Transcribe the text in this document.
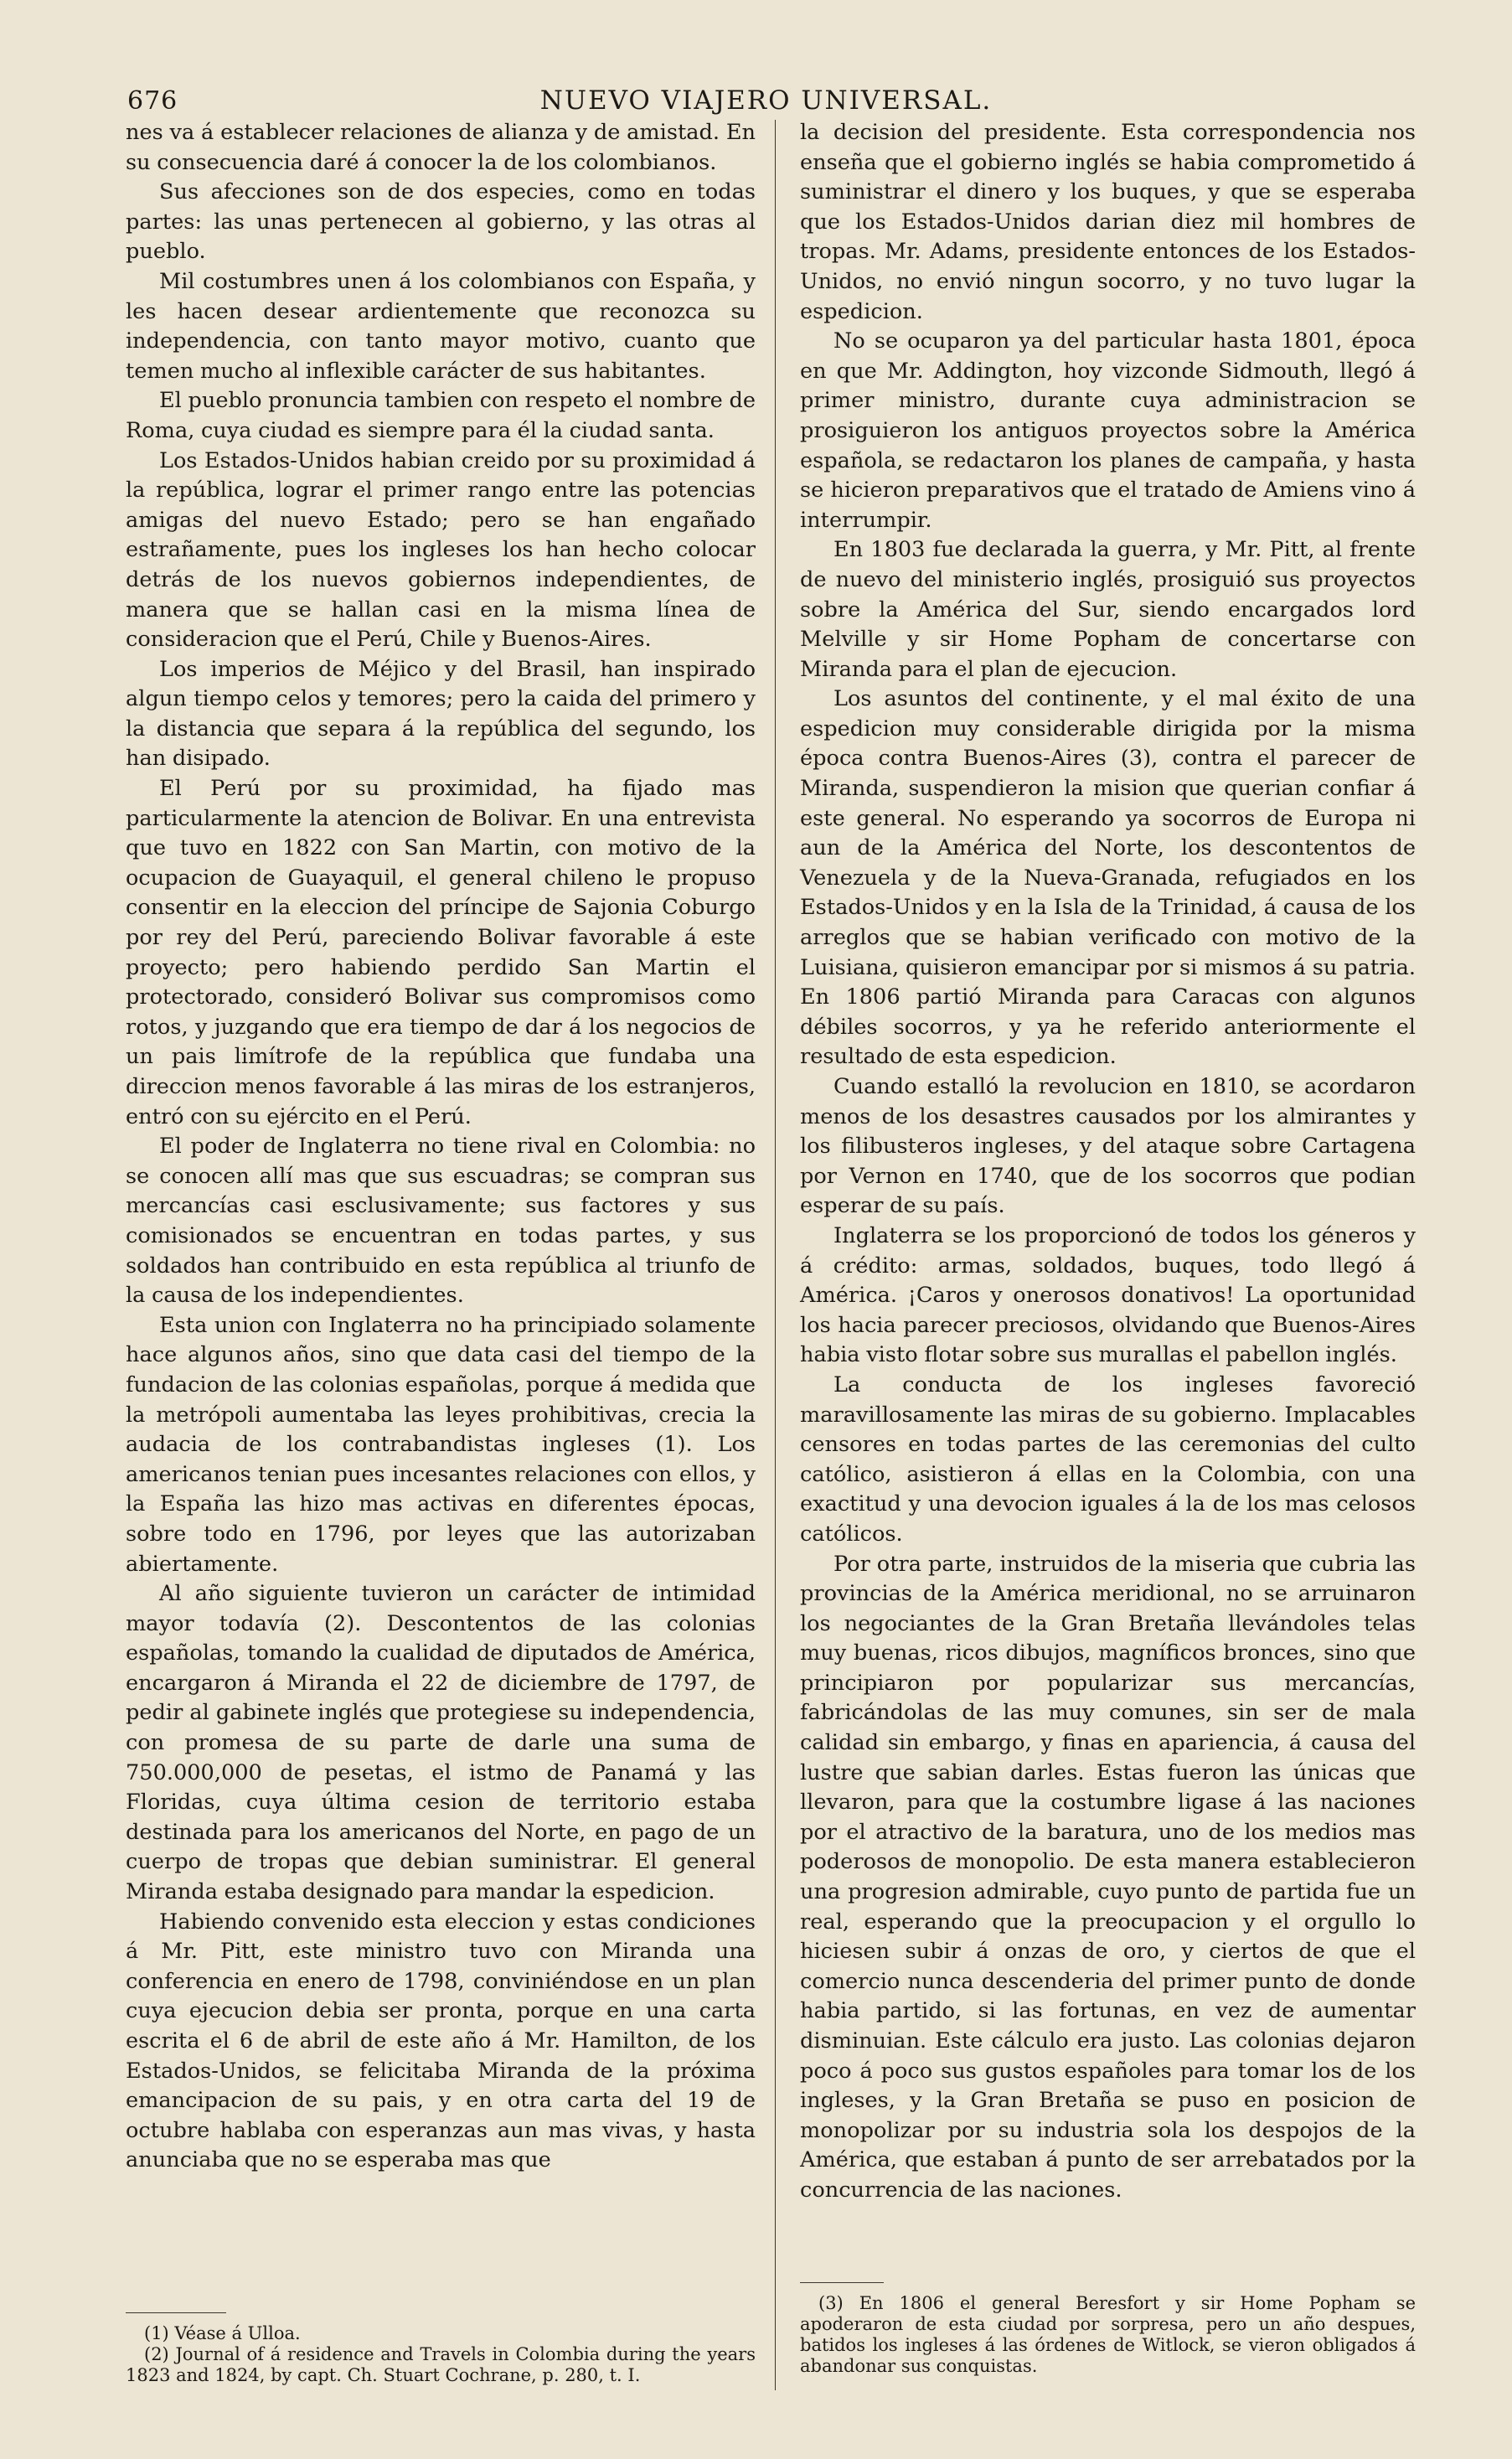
676	NUEVO VIAJERO UNIVERSAL.

nes va á establecer relaciones de alianza y de amistad. En su consecuencia daré á conocer la de los colombianos.

Sus afecciones son de dos especies, como en todas partes: las unas pertenecen al gobierno, y las otras al pueblo.

Mil costumbres unen á los colombianos con España, y les hacen desear ardientemente que reconozca su independencia, con tanto mayor motivo, cuanto que temen mucho al inflexible carácter de sus habitantes.

El pueblo pronuncia tambien con respeto el nombre de Roma, cuya ciudad es siempre para él la ciudad santa.

Los Estados-Unidos habian creido por su proximidad á la república, lograr el primer rango entre las potencias amigas del nuevo Estado; pero se han engañado estrañamente, pues los ingleses los han hecho colocar detrás de los nuevos gobiernos independientes, de manera que se hallan casi en la misma línea de consideracion que el Perú, Chile y Buenos-Aires.

Los imperios de Méjico y del Brasil, han inspirado algun tiempo celos y temores; pero la caida del primero y la distancia que separa á la república del segundo, los han disipado.

El Perú por su proximidad, ha fijado mas particularmente la atencion de Bolivar. En una entrevista que tuvo en 1822 con San Martin, con motivo de la ocupacion de Guayaquil, el general chileno le propuso consentir en la eleccion del príncipe de Sajonia Coburgo por rey del Perú, pareciendo Bolivar favorable á este proyecto; pero habiendo perdido San Martin el protectorado, consideró Bolivar sus compromisos como rotos, y juzgando que era tiempo de dar á los negocios de un pais limítrofe de la república que fundaba una direccion menos favorable á las miras de los estranjeros, entró con su ejército en el Perú.

El poder de Inglaterra no tiene rival en Colombia: no se conocen allí mas que sus escuadras; se compran sus mercancías casi esclusivamente; sus factores y sus comisionados se encuentran en todas partes, y sus soldados han contribuido en esta república al triunfo de la causa de los independientes.

Esta union con Inglaterra no ha principiado solamente hace algunos años, sino que data casi del tiempo de la fundacion de las colonias españolas, porque á medida que la metrópoli aumentaba las leyes prohibitivas, crecia la audacia de los contrabandistas ingleses (1). Los americanos tenian pues incesantes relaciones con ellos, y la España las hizo mas activas en diferentes épocas, sobre todo en 1796, por leyes que las autorizaban abiertamente.

Al año siguiente tuvieron un carácter de intimidad mayor todavía (2). Descontentos de las colonias españolas, tomando la cualidad de diputados de América, encargaron á Miranda el 22 de diciembre de 1797, de pedir al gabinete inglés que protegiese su independencia, con promesa de su parte de darle una suma de 750.000,000 de pesetas, el istmo de Panamá y las Floridas, cuya última cesion de territorio estaba destinada para los americanos del Norte, en pago de un cuerpo de tropas que debian suministrar. El general Miranda estaba designado para mandar la espedicion.

Habiendo convenido esta eleccion y estas condiciones á Mr. Pitt, este ministro tuvo con Miranda una conferencia en enero de 1798, conviniéndose en un plan cuya ejecucion debia ser pronta, porque en una carta escrita el 6 de abril de este año á Mr. Hamilton, de los Estados-Unidos, se felicitaba Miranda de la próxima emancipacion de su pais, y en otra carta del 19 de octubre hablaba con esperanzas aun mas vivas, y hasta anunciaba que no se esperaba mas que

la decision del presidente. Esta correspondencia nos enseña que el gobierno inglés se habia comprometido á suministrar el dinero y los buques, y que se esperaba que los Estados-Unidos darian diez mil hombres de tropas. Mr. Adams, presidente entonces de los Estados-Unidos, no envió ningun socorro, y no tuvo lugar la espedicion.

No se ocuparon ya del particular hasta 1801, época en que Mr. Addington, hoy vizconde Sidmouth, llegó á primer ministro, durante cuya administracion se prosiguieron los antiguos proyectos sobre la América española, se redactaron los planes de campaña, y hasta se hicieron preparativos que el tratado de Amiens vino á interrumpir.

En 1803 fue declarada la guerra, y Mr. Pitt, al frente de nuevo del ministerio inglés, prosiguió sus proyectos sobre la América del Sur, siendo encargados lord Melville y sir Home Popham de concertarse con Miranda para el plan de ejecucion.

Los asuntos del continente, y el mal éxito de una espedicion muy considerable dirigida por la misma época contra Buenos-Aires (3), contra el parecer de Miranda, suspendieron la mision que querian confiar á este general. No esperando ya socorros de Europa ni aun de la América del Norte, los descontentos de Venezuela y de la Nueva-Granada, refugiados en los Estados-Unidos y en la Isla de la Trinidad, á causa de los arreglos que se habian verificado con motivo de la Luisiana, quisieron emancipar por si mismos á su patria. En 1806 partió Miranda para Caracas con algunos débiles socorros, y ya he referido anteriormente el resultado de esta espedicion.

Cuando estalló la revolucion en 1810, se acordaron menos de los desastres causados por los almirantes y los filibusteros ingleses, y del ataque sobre Cartagena por Vernon en 1740, que de los socorros que podian esperar de su país.

Inglaterra se los proporcionó de todos los géneros y á crédito: armas, soldados, buques, todo llegó á América. ¡Caros y onerosos donativos! La oportunidad los hacia parecer preciosos, olvidando que Buenos-Aires habia visto flotar sobre sus murallas el pabellon inglés.

La conducta de los ingleses favoreció maravillosamente las miras de su gobierno. Implacables censores en todas partes de las ceremonias del culto católico, asistieron á ellas en la Colombia, con una exactitud y una devocion iguales á la de los mas celosos católicos.

Por otra parte, instruidos de la miseria que cubria las provincias de la América meridional, no se arruinaron los negociantes de la Gran Bretaña llevándoles telas muy buenas, ricos dibujos, magníficos bronces, sino que principiaron por popularizar sus mercancías, fabricándolas de las muy comunes, sin ser de mala calidad sin embargo, y finas en apariencia, á causa del lustre que sabian darles. Estas fueron las únicas que llevaron, para que la costumbre ligase á las naciones por el atractivo de la baratura, uno de los medios mas poderosos de monopolio. De esta manera establecieron una progresion admirable, cuyo punto de partida fue un real, esperando que la preocupacion y el orgullo lo hiciesen subir á onzas de oro, y ciertos de que el comercio nunca descenderia del primer punto de donde habia partido, si las fortunas, en vez de aumentar disminuian. Este cálculo era justo. Las colonias dejaron poco á poco sus gustos españoles para tomar los de los ingleses, y la Gran Bretaña se puso en posicion de monopolizar por su industria sola los despojos de la América, que estaban á punto de ser arrebatados por la concurrencia de las naciones.

(1) Véase á Ulloa.

(2) Journal of á residence and Travels in Colombia during the years 1823 and 1824, by capt. Ch. Stuart Cochrane, p. 280, t. I.

(3) En 1806 el general Beresfort y sir Home Popham se apoderaron de esta ciudad por sorpresa, pero un año despues, batidos los ingleses á las órdenes de Witlock, se vieron obligados á abandonar sus conquistas.
